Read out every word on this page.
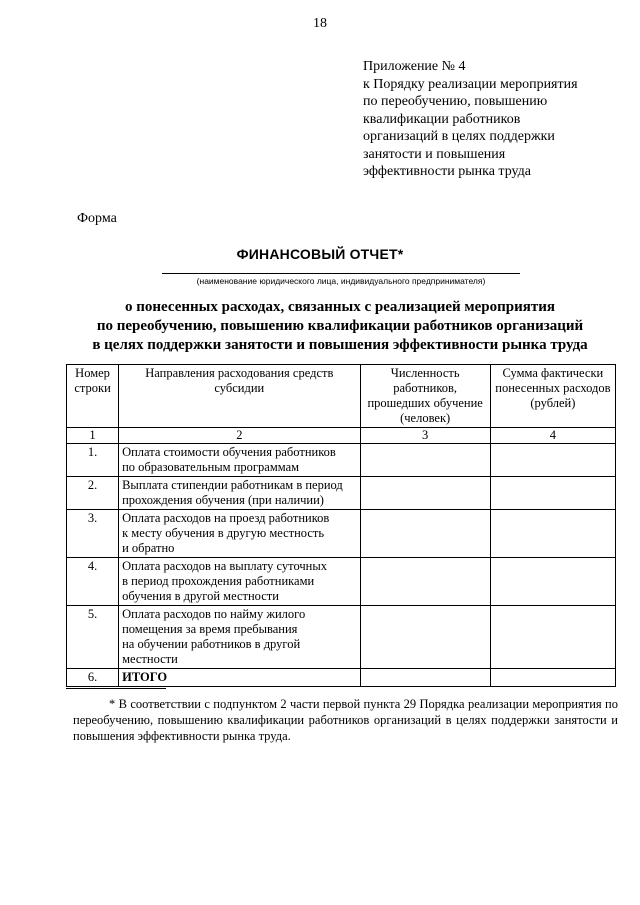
18
Приложение № 4
к Порядку реализации мероприятия
по переобучению, повышению
квалификации работников
организаций в целях поддержки
занятости и повышения
эффективности рынка труда
Форма
ФИНАНСОВЫЙ ОТЧЕТ*
(наименование юридического лица, индивидуального предпринимателя)
о понесенных расходах, связанных с реализацией мероприятия
по переобучению, повышению квалификации работников организаций
в целях поддержки занятости и повышения эффективности рынка труда
Номер строки	Направления расходования средств субсидии	Численность работников, прошедших обучение (человек)	Сумма фактически понесенных расходов (рублей)
1	2	3	4
1.	Оплата стоимости обучения работников
по образовательным программам		

2.	Выплата стипендии работникам в период
прохождения обучения (при наличии)		

3.	Оплата расходов на проезд работников
к месту обучения в другую местность
и обратно		

4.	Оплата расходов на выплату суточных
в период прохождения работниками
обучения в другой местности		

5.	Оплата расходов по найму жилого
помещения за время пребывания
на обучении работников в другой
местности		

6.	ИТОГО		

* В соответствии с подпунктом 2 части первой пункта 29 Порядка реализации мероприятия по переобучению, повышению квалификации работников организаций в целях поддержки занятости и повышения эффективности рынка труда.
